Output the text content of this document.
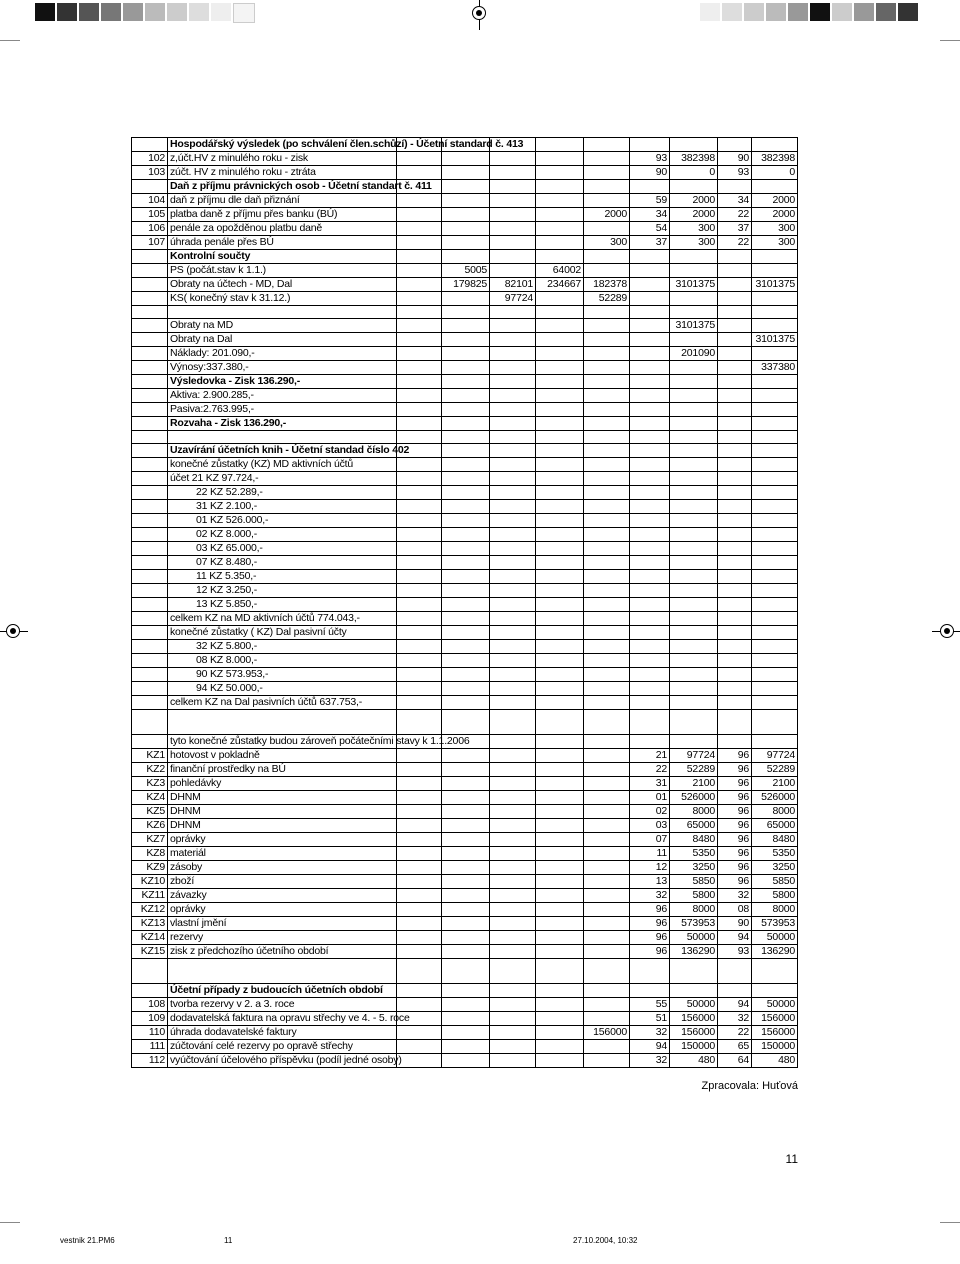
	Hospodářský výsledek (po schválení člen.schůzí) - Účetní standard č. 413									
102	z,účt.HV z minulého roku - zisk						93	382398	90	382398
103	zúčt. HV z minulého roku - ztráta						90	0	93	0
	Daň z příjmu právnických osob - Účetní standart č. 411									
104	daň z příjmu dle daň přiznání						59	2000	34	2000
105	platba daně z příjmu přes banku (BÚ)					2000	34	2000	22	2000
106	penále za opožděnou platbu daně						54	300	37	300
107	úhrada penále přes BÚ					300	37	300	22	300
	Kontrolní součty									
	PS (počát.stav k 1.1.)		5005		64002					
	Obraty na účtech - MD, Dal		179825	82101	234667	182378		3101375		3101375
	KS( konečný stav k 31.12.)			97724		52289				

	Obraty na MD							3101375		
	Obraty na Dal									3101375
	Náklady: 201.090,-							201090		
	Výnosy:337.380,-									337380
	Výsledovka - Zisk 136.290,-									
	Aktiva: 2.900.285,-									
	Pasiva:2.763.995,-									
	Rozvaha - Zisk 136.290,-									

	Uzavírání účetních knih - Účetní standad číslo 402									
	konečné zůstatky (KZ) MD aktivních účtů									
	účet 21 KZ 97.724,-									
	22 KZ 52.289,-									
	31 KZ 2.100,-									
	01 KZ 526.000,-									
	02 KZ 8.000,-									
	03 KZ 65.000,-									
	07 KZ 8.480,-									
	11 KZ 5.350,-									
	12 KZ 3.250,-									
	13 KZ 5.850,-									
	celkem KZ na MD aktivních účtů 774.043,-									
	konečné zůstatky ( KZ) Dal pasivní účty									
	32 KZ 5.800,-									
	08 KZ 8.000,-									
	90 KZ 573.953,-									
	94 KZ 50.000,-									
	celkem KZ na Dal pasivních účtů 637.753,-									

	tyto konečné zůstatky budou zároveň počátečními stavy k 1.1.2006									
KZ1	hotovost v pokladně						21	97724	96	97724
KZ2	finanční prostředky na BÚ						22	52289	96	52289
KZ3	pohledávky						31	2100	96	2100
KZ4	DHNM						01	526000	96	526000
KZ5	DHNM						02	8000	96	8000
KZ6	DHNM						03	65000	96	65000
KZ7	oprávky						07	8480	96	8480
KZ8	materiál						11	5350	96	5350
KZ9	zásoby						12	3250	96	3250
KZ10	zboží						13	5850	96	5850
KZ11	závazky						32	5800	32	5800
KZ12	oprávky						96	8000	08	8000
KZ13	vlastní jmění						96	573953	90	573953
KZ14	rezervy						96	50000	94	50000
KZ15	zisk z předchozího účetního období						96	136290	93	136290

	Účetní případy z budoucích účetních období									
108	tvorba rezervy v 2. a 3. roce						55	50000	94	50000
109	dodavatelská faktura na opravu střechy ve 4. - 5. roce						51	156000	32	156000
110	úhrada dodavatelské faktury					156000	32	156000	22	156000
111	zúčtování celé rezervy po opravě střechy						94	150000	65	150000
112	vyúčtování účelového příspěvku (podíl jedné osoby)						32	480	64	480
Zpracovala: Huťová
11
vestnik 21.PM6	11	27.10.2004, 10:32
